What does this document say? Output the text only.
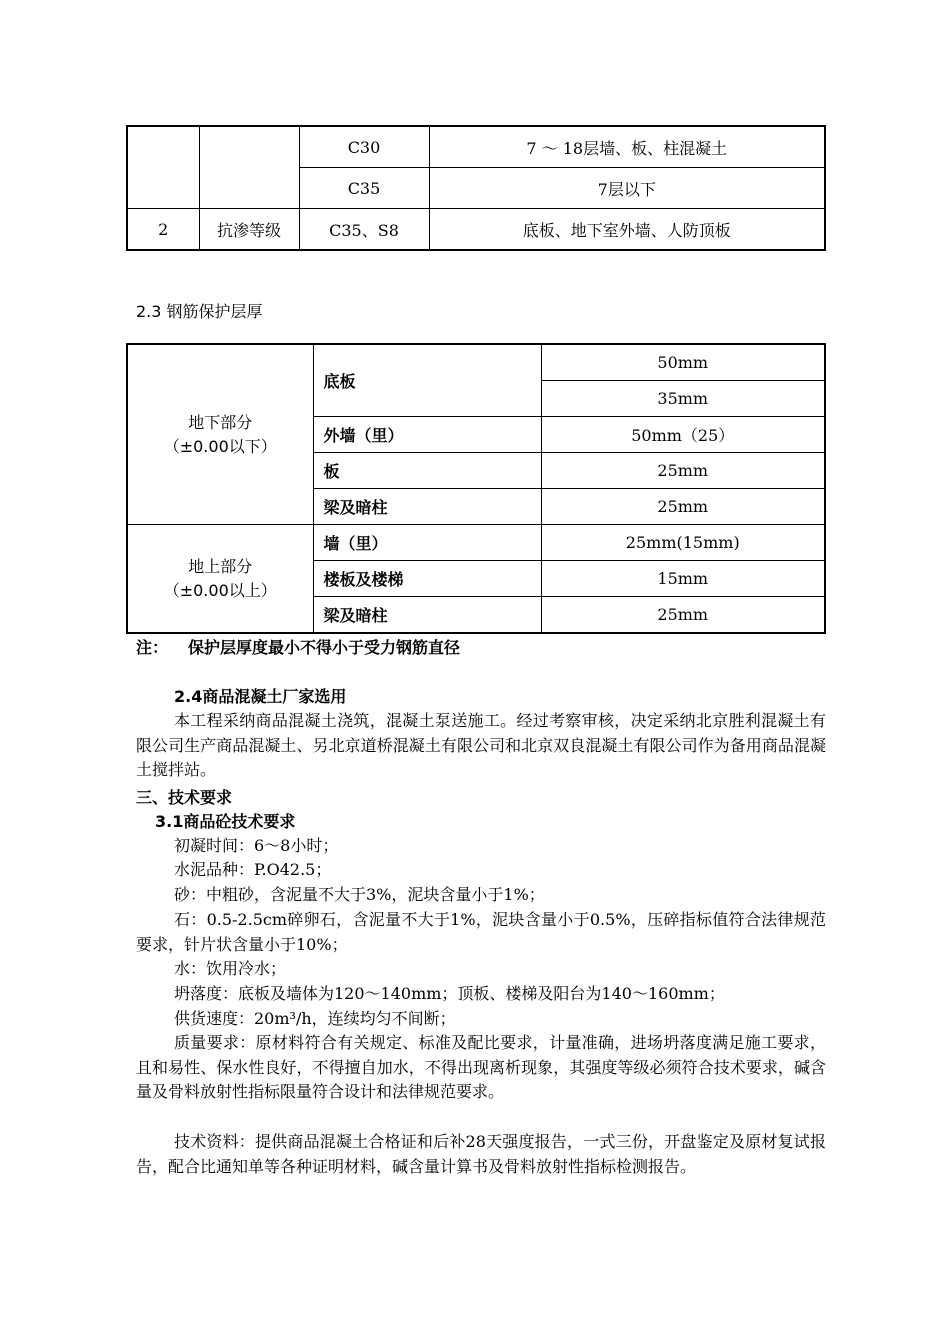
		C30	7 ～ 18层墙、板、柱混凝土
		C35	7层以下
2	抗渗等级	C35、S8	底板、地下室外墙、人防顶板
2.3 钢筋保护层厚
地下部分
（±0.00以下）	底板	50mm
		35mm
	外墙（里）	50mm（25）
	板	25mm
	梁及暗柱	25mm

地上部分
（±0.00以上）	墙（里）	25mm(15mm)
	楼板及楼梯	15mm
	梁及暗柱	25mm
注： 保护层厚度最小不得小于受力钢筋直径
2.4商品混凝土厂家选用
本工程采纳商品混凝土浇筑，混凝土泵送施工。经过考察审核，决定采纳北京胜利混凝土有限公司生产商品混凝土、另北京道桥混凝土有限公司和北京双良混凝土有限公司作为备用商品混凝土搅拌站。
三、技术要求
3.1商品砼技术要求
初凝时间：6～8小时；
水泥品种：P.O42.5；
砂：中粗砂，含泥量不大于3%，泥块含量小于1%；
石：0.5-2.5cm碎卵石，含泥量不大于1%，泥块含量小于0.5%，压碎指标值符合法律规范要求，针片状含量小于10%；
水：饮用冷水；
坍落度：底板及墙体为120～140mm；顶板、楼梯及阳台为140～160mm；
供货速度：20m³/h，连续均匀不间断；
质量要求：原材料符合有关规定、标准及配比要求，计量准确，进场坍落度满足施工要求，且和易性、保水性良好，不得擅自加水，不得出现离析现象，其强度等级必须符合技术要求，碱含量及骨料放射性指标限量符合设计和法律规范要求。
技术资料：提供商品混凝土合格证和后补28天强度报告，一式三份，开盘鉴定及原材复试报告，配合比通知单等各种证明材料，碱含量计算书及骨料放射性指标检测报告。
